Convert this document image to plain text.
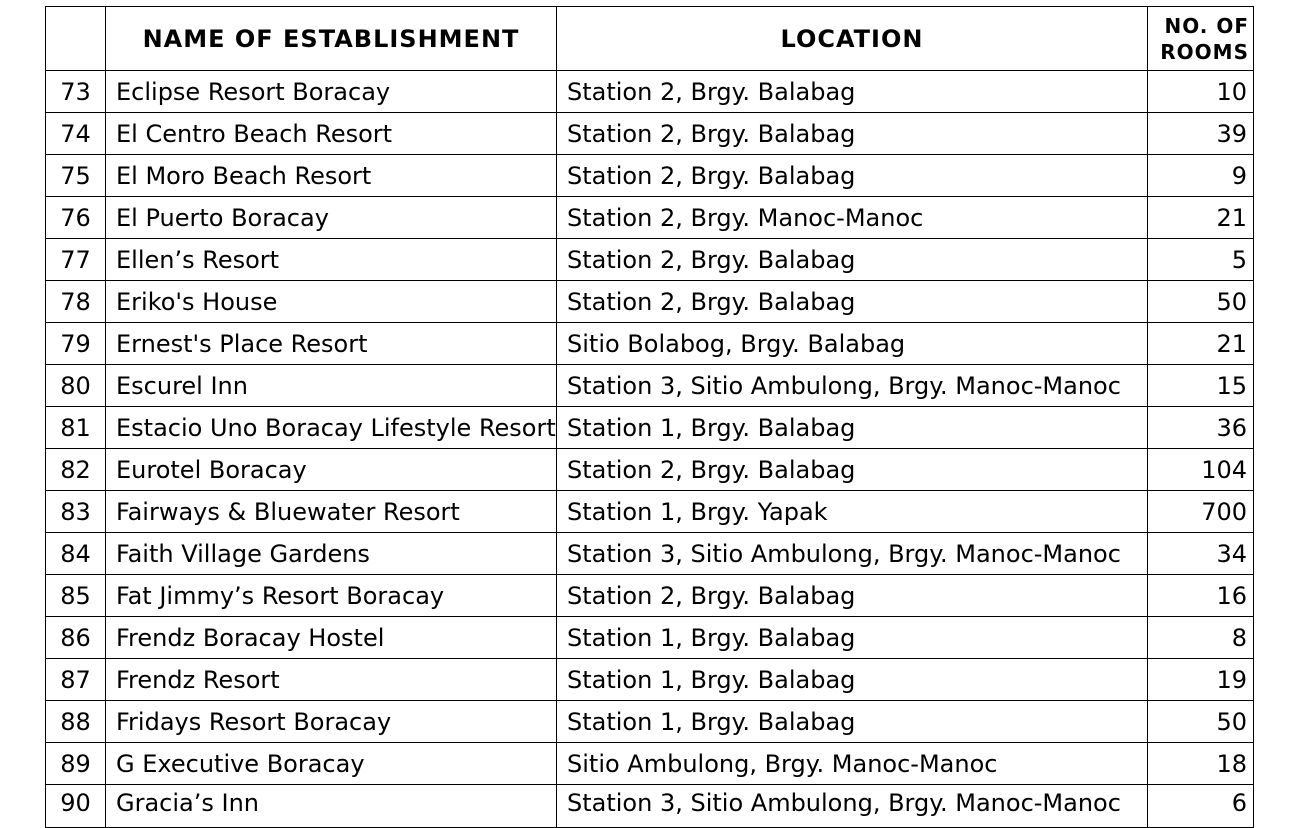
	NAME OF ESTABLISHMENT	LOCATION	NO. OF
ROOMS
73	Eclipse Resort Boracay	Station 2, Brgy. Balabag	10
74	El Centro Beach Resort	Station 2, Brgy. Balabag	39
75	El Moro Beach Resort	Station 2, Brgy. Balabag	9
76	El Puerto Boracay	Station 2, Brgy. Manoc-Manoc	21
77	Ellen’s Resort	Station 2, Brgy. Balabag	5
78	Eriko's House	Station 2, Brgy. Balabag	50
79	Ernest's Place Resort	Sitio Bolabog, Brgy. Balabag	21
80	Escurel Inn	Station 3, Sitio Ambulong, Brgy. Manoc-Manoc	15
81	Estacio Uno Boracay Lifestyle Resort	Station 1, Brgy. Balabag	36
82	Eurotel Boracay	Station 2, Brgy. Balabag	104
83	Fairways & Bluewater Resort	Station 1, Brgy. Yapak	700
84	Faith Village Gardens	Station 3, Sitio Ambulong, Brgy. Manoc-Manoc	34
85	Fat Jimmy’s Resort Boracay	Station 2, Brgy. Balabag	16
86	Frendz Boracay Hostel	Station 1, Brgy. Balabag	8
87	Frendz Resort	Station 1, Brgy. Balabag	19
88	Fridays Resort Boracay	Station 1, Brgy. Balabag	50
89	G Executive Boracay	Sitio Ambulong, Brgy. Manoc-Manoc	18
90	Gracia’s Inn	Station 3, Sitio Ambulong, Brgy. Manoc-Manoc	6
